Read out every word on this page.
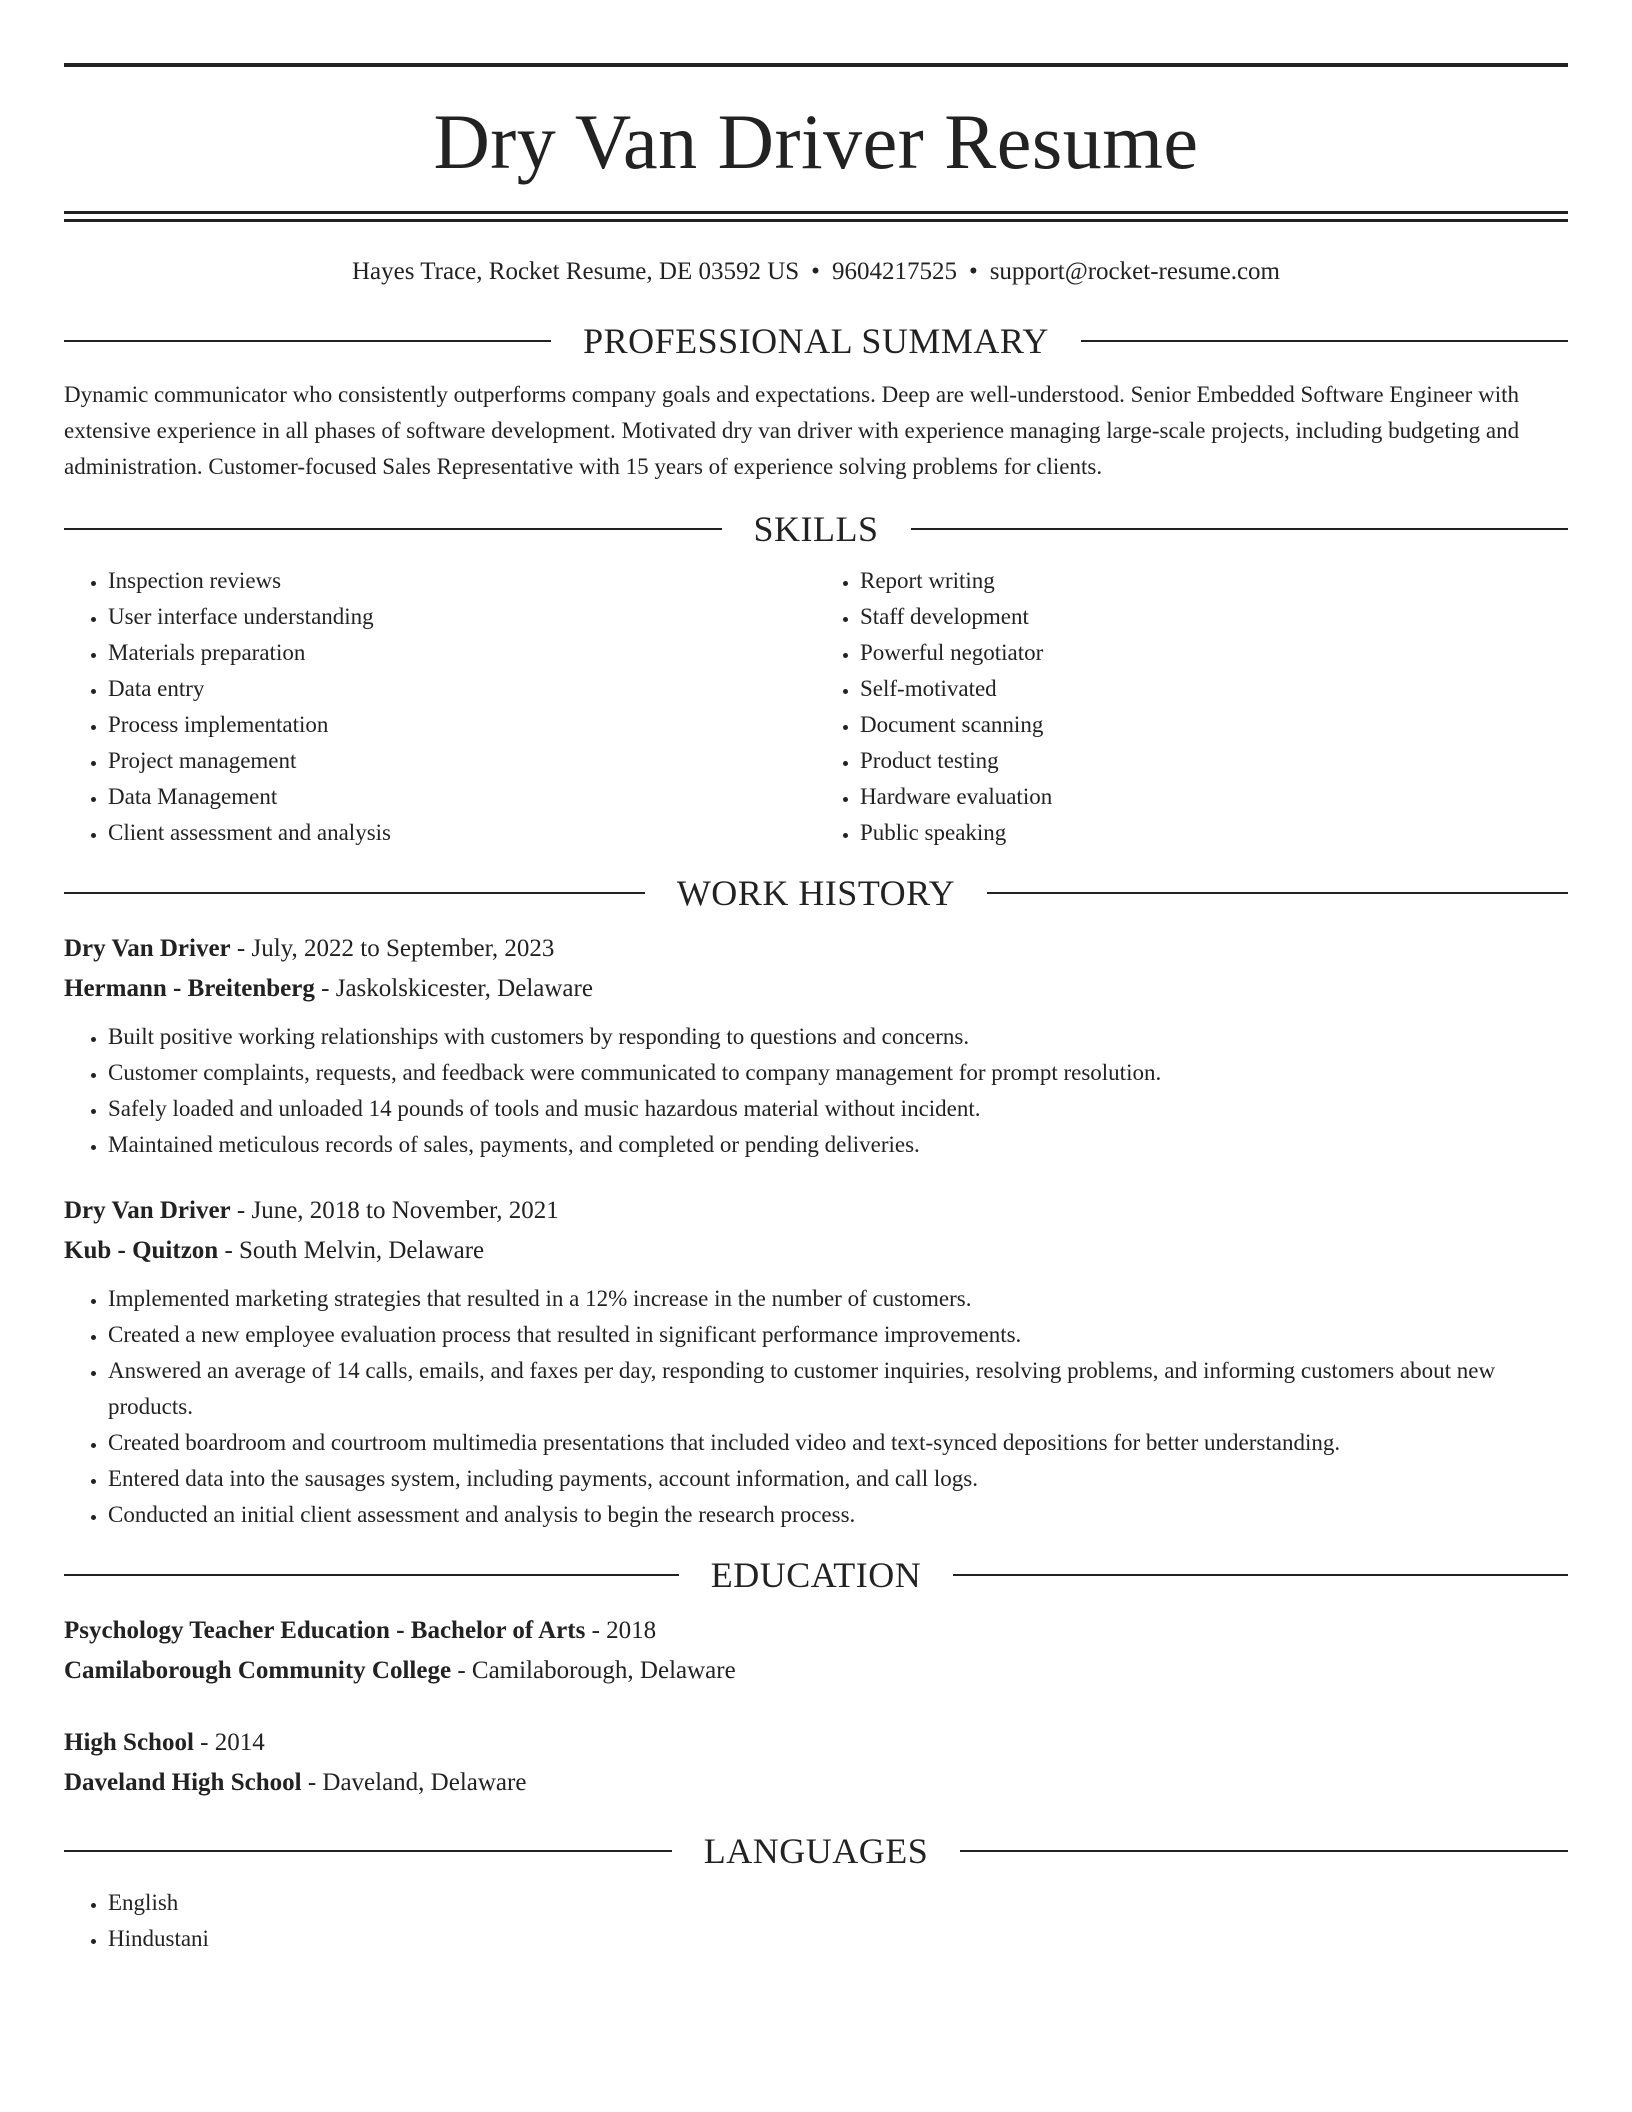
Dry Van Driver Resume
Hayes Trace, Rocket Resume, DE 03592 US • 9604217525 • support@rocket-resume.com
PROFESSIONAL SUMMARY

Dynamic communicator who consistently outperforms company goals and expectations. Deep are well-understood. Senior Embedded Software Engineer with extensive experience in all phases of software development. Motivated dry van driver with experience managing large-scale projects, including budgeting and administration. Customer-focused Sales Representative with 15 years of experience solving problems for clients.

SKILLS
• Inspection reviews
• User interface understanding
• Materials preparation
• Data entry
• Process implementation
• Project management
• Data Management
• Client assessment and analysis
• Report writing
• Staff development
• Powerful negotiator
• Self-motivated
• Document scanning
• Product testing
• Hardware evaluation
• Public speaking
WORK HISTORY
Dry Van Driver - July, 2022 to September, 2023
Hermann - Breitenberg - Jaskolskicester, Delaware
• Built positive working relationships with customers by responding to questions and concerns.
• Customer complaints, requests, and feedback were communicated to company management for prompt resolution.
• Safely loaded and unloaded 14 pounds of tools and music hazardous material without incident.
• Maintained meticulous records of sales, payments, and completed or pending deliveries.
Dry Van Driver - June, 2018 to November, 2021
Kub - Quitzon - South Melvin, Delaware
• Implemented marketing strategies that resulted in a 12% increase in the number of customers.
• Created a new employee evaluation process that resulted in significant performance improvements.
• Answered an average of 14 calls, emails, and faxes per day, responding to customer inquiries, resolving problems, and informing customers about new products.
• Created boardroom and courtroom multimedia presentations that included video and text-synced depositions for better understanding.
• Entered data into the sausages system, including payments, account information, and call logs.
• Conducted an initial client assessment and analysis to begin the research process.
EDUCATION
Psychology Teacher Education - Bachelor of Arts - 2018
Camilaborough Community College - Camilaborough, Delaware
High School - 2014
Daveland High School - Daveland, Delaware
LANGUAGES
• English
• Hindustani
